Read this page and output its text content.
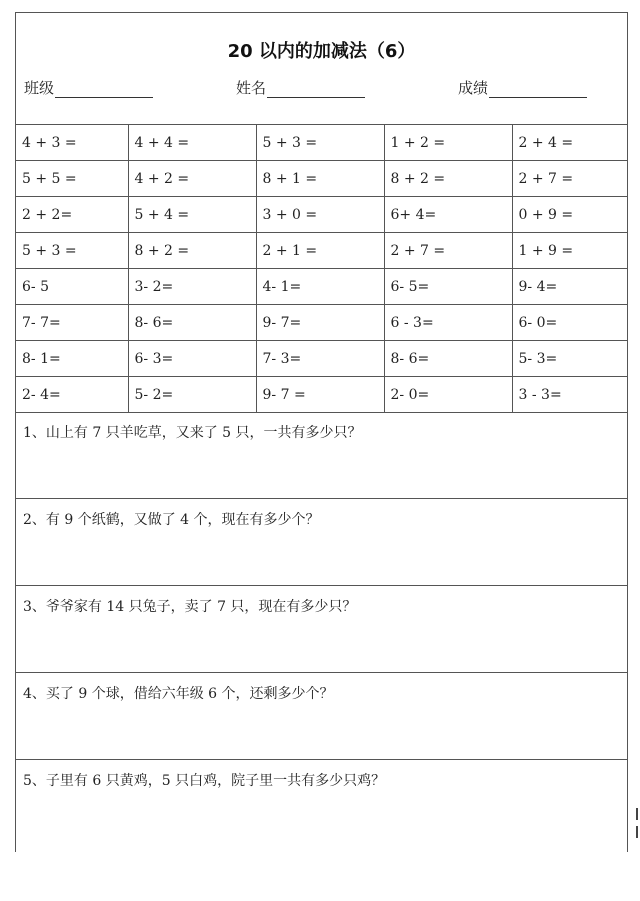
20 以内的加减法（6）
班级	姓名	成绩
4 + 3 =	4 + 4 =	5 + 3 =	1 + 2 =	2 + 4 =
5 + 5 =	4 + 2 =	8 + 1 =	8 + 2 =	2 + 7 =
2 + 2=	5 + 4 =	3 + 0 =	6+ 4=	0 + 9 =
5 + 3 =	8 + 2 =	2 + 1 =	2 + 7 =	1 + 9 =
6- 5	3- 2=	4- 1=	6- 5=	9- 4=
7- 7=	8- 6=	9- 7=	6 - 3=	6- 0=
8- 1=	6- 3=	7- 3=	8- 6=	5- 3=
2- 4=	5- 2=	9- 7 =	2- 0=	3 - 3=
1、山上有 7 只羊吃草，又来了 5 只，一共有多少只？
2、有 9 个纸鹤，又做了 4 个，现在有多少个？
3、爷爷家有 14 只兔子，卖了 7 只，现在有多少只？
4、买了 9 个球，借给六年级 6 个，还剩多少个？
5、子里有 6 只黄鸡，5 只白鸡，院子里一共有多少只鸡？
